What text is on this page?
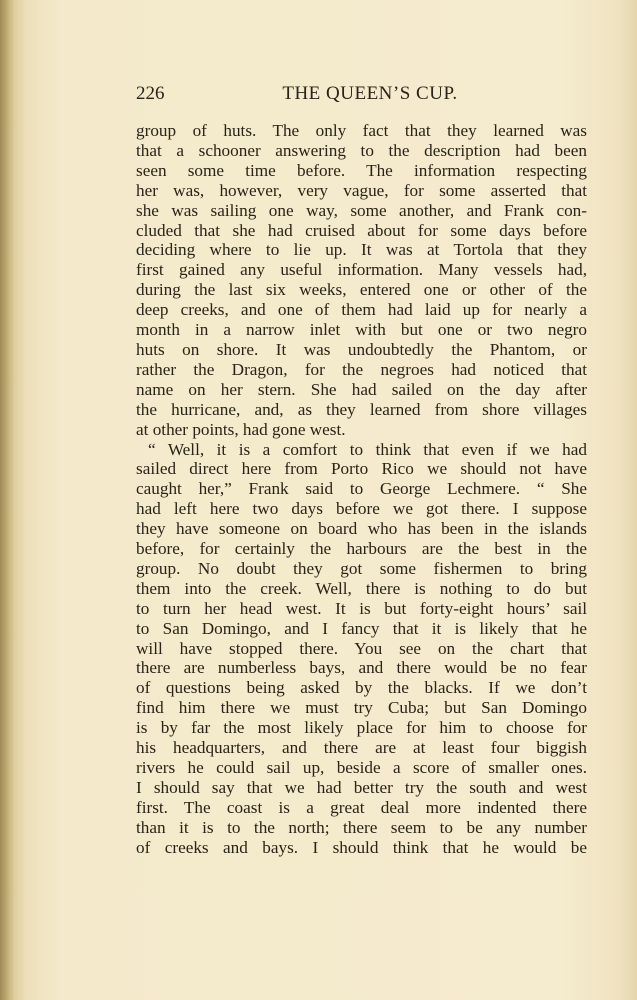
226	THE QUEEN’S CUP.
group of huts. The only fact that they learned was
that a schooner answering to the description had been
seen some time before. The information respecting
her was, however, very vague, for some asserted that
she was sailing one way, some another, and Frank con-
cluded that she had cruised about for some days before
deciding where to lie up. It was at Tortola that they
first gained any useful information. Many vessels had,
during the last six weeks, entered one or other of the
deep creeks, and one of them had laid up for nearly a
month in a narrow inlet with but one or two negro
huts on shore. It was undoubtedly the Phantom, or
rather the Dragon, for the negroes had noticed that
name on her stern. She had sailed on the day after
the hurricane, and, as they learned from shore villages
at other points, had gone west.
“ Well, it is a comfort to think that even if we had
sailed direct here from Porto Rico we should not have
caught her,” Frank said to George Lechmere. “ She
had left here two days before we got there. I suppose
they have someone on board who has been in the islands
before, for certainly the harbours are the best in the
group. No doubt they got some fishermen to bring
them into the creek. Well, there is nothing to do but
to turn her head west. It is but forty-eight hours’ sail
to San Domingo, and I fancy that it is likely that he
will have stopped there. You see on the chart that
there are numberless bays, and there would be no fear
of questions being asked by the blacks. If we don’t
find him there we must try Cuba; but San Domingo
is by far the most likely place for him to choose for
his headquarters, and there are at least four biggish
rivers he could sail up, beside a score of smaller ones.
I should say that we had better try the south and west
first. The coast is a great deal more indented there
than it is to the north; there seem to be any number
of creeks and bays. I should think that he would be
